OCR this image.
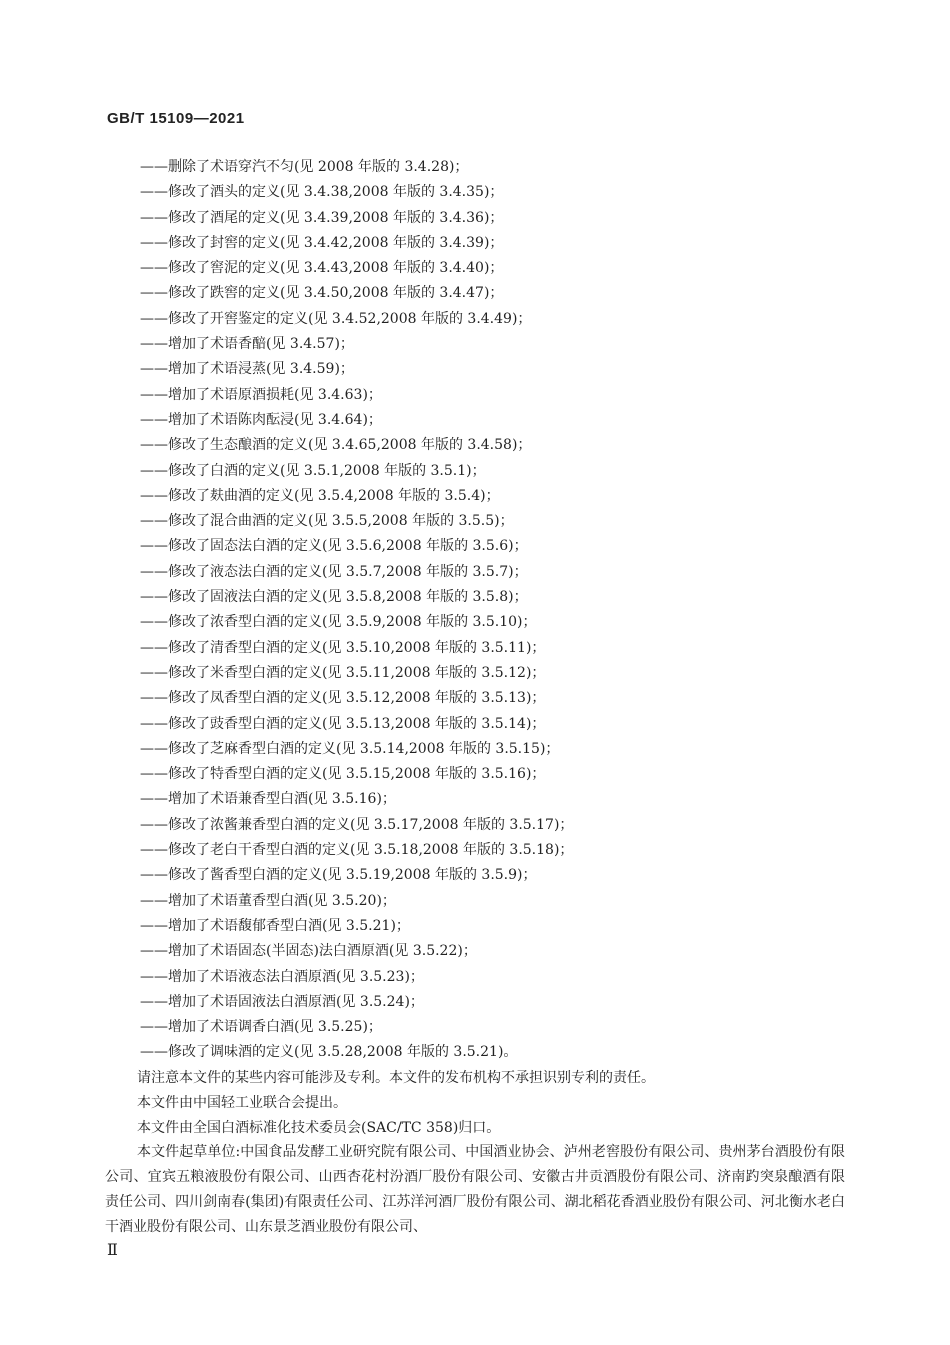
GB/T 15109—2021
——删除了术语穿汽不匀(见 2008 年版的 3.4.28)；
——修改了酒头的定义(见 3.4.38,2008 年版的 3.4.35)；
——修改了酒尾的定义(见 3.4.39,2008 年版的 3.4.36)；
——修改了封窖的定义(见 3.4.42,2008 年版的 3.4.39)；
——修改了窖泥的定义(见 3.4.43,2008 年版的 3.4.40)；
——修改了跌窖的定义(见 3.4.50,2008 年版的 3.4.47)；
——修改了开窖鉴定的定义(见 3.4.52,2008 年版的 3.4.49)；
——增加了术语香醅(见 3.4.57)；
——增加了术语浸蒸(见 3.4.59)；
——增加了术语原酒损耗(见 3.4.63)；
——增加了术语陈肉酝浸(见 3.4.64)；
——修改了生态酿酒的定义(见 3.4.65,2008 年版的 3.4.58)；
——修改了白酒的定义(见 3.5.1,2008 年版的 3.5.1)；
——修改了麸曲酒的定义(见 3.5.4,2008 年版的 3.5.4)；
——修改了混合曲酒的定义(见 3.5.5,2008 年版的 3.5.5)；
——修改了固态法白酒的定义(见 3.5.6,2008 年版的 3.5.6)；
——修改了液态法白酒的定义(见 3.5.7,2008 年版的 3.5.7)；
——修改了固液法白酒的定义(见 3.5.8,2008 年版的 3.5.8)；
——修改了浓香型白酒的定义(见 3.5.9,2008 年版的 3.5.10)；
——修改了清香型白酒的定义(见 3.5.10,2008 年版的 3.5.11)；
——修改了米香型白酒的定义(见 3.5.11,2008 年版的 3.5.12)；
——修改了凤香型白酒的定义(见 3.5.12,2008 年版的 3.5.13)；
——修改了豉香型白酒的定义(见 3.5.13,2008 年版的 3.5.14)；
——修改了芝麻香型白酒的定义(见 3.5.14,2008 年版的 3.5.15)；
——修改了特香型白酒的定义(见 3.5.15,2008 年版的 3.5.16)；
——增加了术语兼香型白酒(见 3.5.16)；
——修改了浓酱兼香型白酒的定义(见 3.5.17,2008 年版的 3.5.17)；
——修改了老白干香型白酒的定义(见 3.5.18,2008 年版的 3.5.18)；
——修改了酱香型白酒的定义(见 3.5.19,2008 年版的 3.5.9)；
——增加了术语董香型白酒(见 3.5.20)；
——增加了术语馥郁香型白酒(见 3.5.21)；
——增加了术语固态(半固态)法白酒原酒(见 3.5.22)；
——增加了术语液态法白酒原酒(见 3.5.23)；
——增加了术语固液法白酒原酒(见 3.5.24)；
——增加了术语调香白酒(见 3.5.25)；
——修改了调味酒的定义(见 3.5.28,2008 年版的 3.5.21)。
请注意本文件的某些内容可能涉及专利。本文件的发布机构不承担识别专利的责任。
本文件由中国轻工业联合会提出。
本文件由全国白酒标准化技术委员会(SAC/TC 358)归口。
本文件起草单位:中国食品发酵工业研究院有限公司、中国酒业协会、泸州老窖股份有限公司、贵州茅台酒股份有限公司、宜宾五粮液股份有限公司、山西杏花村汾酒厂股份有限公司、安徽古井贡酒股份有限公司、济南趵突泉酿酒有限责任公司、四川剑南春(集团)有限责任公司、江苏洋河酒厂股份有限公司、湖北稻花香酒业股份有限公司、河北衡水老白干酒业股份有限公司、山东景芝酒业股份有限公司、
Ⅱ
